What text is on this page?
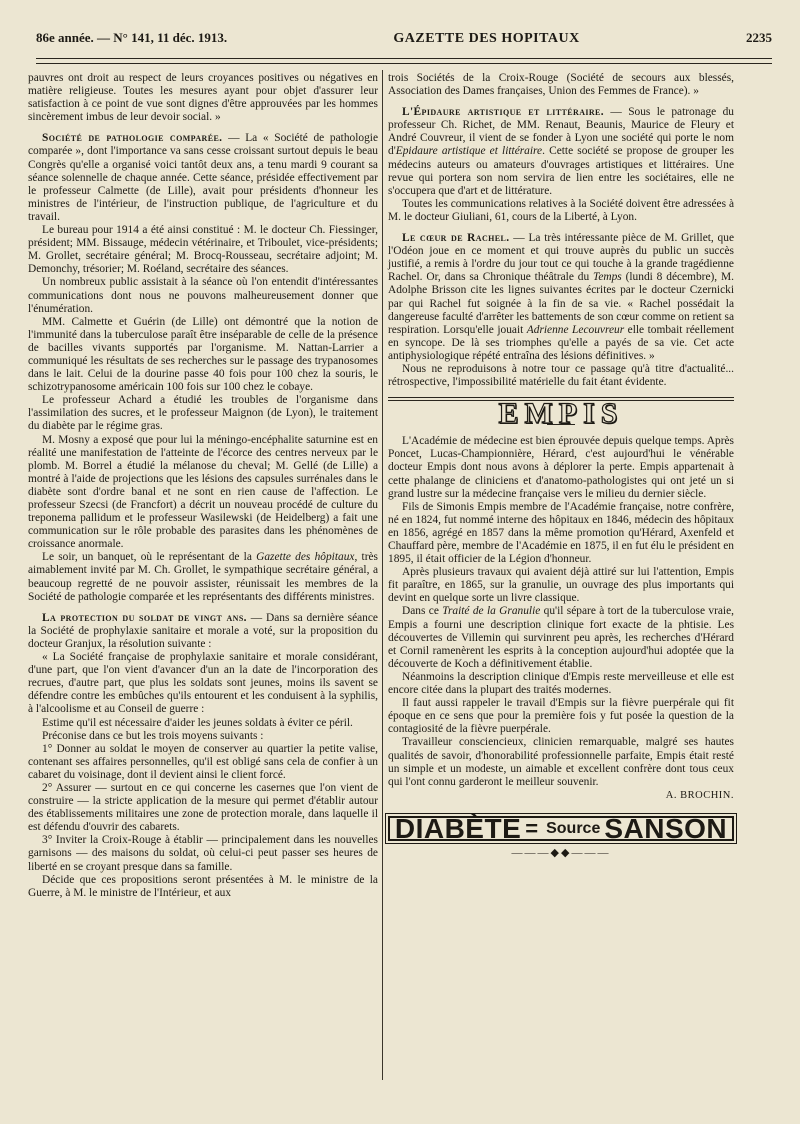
86e année. — N° 141, 11 déc. 1913.	GAZETTE DES HOPITAUX	2235

pauvres ont droit au respect de leurs croyances positives ou négatives en matière religieuse. Toutes les mesures ayant pour objet d'assurer leur satisfaction à ce point de vue sont dignes d'être approuvées par les hommes sincèrement imbus de leur devoir social. »

Société de pathologie comparée. — La « Société de pathologie comparée », dont l'importance va sans cesse croissant surtout depuis le beau Congrès qu'elle a organisé voici tantôt deux ans, a tenu mardi 9 courant sa séance solennelle de chaque année. Cette séance, présidée effectivement par le professeur Calmette (de Lille), avait pour présidents d'honneur les ministres de l'intérieur, de l'instruction publique, de l'agriculture et du travail.

Le bureau pour 1914 a été ainsi constitué : M. le docteur Ch. Fiessinger, président; MM. Bissauge, médecin vétérinaire, et Triboulet, vice-présidents; M. Grollet, secrétaire général; M. Brocq-Rousseau, secrétaire adjoint; M. Demonchy, trésorier; M. Roéland, secrétaire des séances.

Un nombreux public assistait à la séance où l'on entendit d'intéressantes communications dont nous ne pouvons malheureusement donner que l'énumération.

MM. Calmette et Guérin (de Lille) ont démontré que la notion de l'immunité dans la tuberculose paraît être inséparable de celle de la présence de bacilles vivants supportés par l'organisme. M. Nattan-Larrier a communiqué les résultats de ses recherches sur le passage des trypanosomes dans le lait. Celui de la dourine passe 40 fois pour 100 chez la souris, le schizotrypanosome américain 100 fois sur 100 chez le cobaye.

Le professeur Achard a étudié les troubles de l'organisme dans l'assimilation des sucres, et le professeur Maignon (de Lyon), le traitement du diabète par le régime gras.

M. Mosny a exposé que pour lui la méningo-encéphalite saturnine est en réalité une manifestation de l'atteinte de l'écorce des centres nerveux par le plomb. M. Borrel a étudié la mélanose du cheval; M. Gellé (de Lille) a montré à l'aide de projections que les lésions des capsules surrénales dans le diabète sont d'ordre banal et ne sont en rien cause de l'affection. Le professeur Szecsi (de Francfort) a décrit un nouveau procédé de culture du treponema pallidum et le professeur Wasilewski (de Heidelberg) a fait une communication sur le rôle probable des parasites dans les phénomènes de croissance anormale.

Le soir, un banquet, où le représentant de la Gazette des hôpitaux, très aimablement invité par M. Ch. Grollet, le sympathique secrétaire général, a beaucoup regretté de ne pouvoir assister, réunissait les membres de la Société de pathologie comparée et les représentants des différents ministres.

La protection du soldat de vingt ans. — Dans sa dernière séance la Société de prophylaxie sanitaire et morale a voté, sur la proposition du docteur Granjux, la résolution suivante :

« La Société française de prophylaxie sanitaire et morale considérant, d'une part, que l'on vient d'avancer d'un an la date de l'incorporation des recrues, d'autre part, que plus les soldats sont jeunes, moins ils savent se défendre contre les embûches qu'ils entourent et les conduisent à la syphilis, à l'alcoolisme et au Conseil de guerre :

Estime qu'il est nécessaire d'aider les jeunes soldats à éviter ce péril.

Préconise dans ce but les trois moyens suivants :

1° Donner au soldat le moyen de conserver au quartier la petite valise, contenant ses affaires personnelles, qu'il est obligé sans cela de confier à un cabaret du voisinage, dont il devient ainsi le client forcé.

2° Assurer — surtout en ce qui concerne les casernes que l'on vient de construire — la stricte application de la mesure qui permet d'établir autour des établissements militaires une zone de protection morale, dans laquelle il est défendu d'ouvrir des cabarets.

3° Inviter la Croix-Rouge à établir — principalement dans les nouvelles garnisons — des maisons du soldat, où celui-ci peut passer ses heures de liberté en se croyant presque dans sa famille.

Décide que ces propositions seront présentées à M. le ministre de la Guerre, à M. le ministre de l'Intérieur, et aux

trois Sociétés de la Croix-Rouge (Société de secours aux blessés, Association des Dames françaises, Union des Femmes de France). »

L'Épidaure artistique et littéraire. — Sous le patronage du professeur Ch. Richet, de MM. Renaut, Beaunis, Maurice de Fleury et André Couvreur, il vient de se fonder à Lyon une société qui porte le nom d'Epidaure artistique et littéraire. Cette société se propose de grouper les médecins auteurs ou amateurs d'ouvrages artistiques et littéraires. Une revue qui portera son nom servira de lien entre les sociétaires, elle ne s'occupera que d'art et de littérature.

Toutes les communications relatives à la Société doivent être adressées à M. le docteur Giuliani, 61, cours de la Liberté, à Lyon.

Le cœur de Rachel. — La très intéressante pièce de M. Grillet, que l'Odéon joue en ce moment et qui trouve auprès du public un succès justifié, a remis à l'ordre du jour tout ce qui touche à la grande tragédienne Rachel. Or, dans sa Chronique théâtrale du Temps (lundi 8 décembre), M. Adolphe Brisson cite les lignes suivantes écrites par le docteur Czernicki par qui Rachel fut soignée à la fin de sa vie. « Rachel possédait la dangereuse faculté d'arrêter les battements de son cœur comme on retient sa respiration. Lorsqu'elle jouait Adrienne Lecouvreur elle tombait réellement en syncope. De là ses triomphes qu'elle a payés de sa vie. Cet acte antiphysiologique répété entraîna des lésions définitives. »

Nous ne reproduisons à notre tour ce passage qu'à titre d'actualité... rétrospective, l'impossibilité matérielle du fait étant évidente.

EMPIS

L'Académie de médecine est bien éprouvée depuis quelque temps. Après Poncet, Lucas-Championnière, Hérard, c'est aujourd'hui le vénérable docteur Empis dont nous avons à déplorer la perte. Empis appartenait à cette phalange de cliniciens et d'anatomo-pathologistes qui ont jeté un si grand lustre sur la médecine française vers le milieu du dernier siècle.

Fils de Simonis Empis membre de l'Académie française, notre confrère, né en 1824, fut nommé interne des hôpitaux en 1846, médecin des hôpitaux en 1856, agrégé en 1857 dans la même promotion qu'Hérard, Axenfeld et Chauffard père, membre de l'Académie en 1875, il en fut élu le président en 1895, il était officier de la Légion d'honneur.

Après plusieurs travaux qui avaient déjà attiré sur lui l'attention, Empis fit paraître, en 1865, sur la granulie, un ouvrage des plus importants qui devint en quelque sorte un livre classique.

Dans ce Traité de la Granulie qu'il sépare à tort de la tuberculose vraie, Empis a fourni une description clinique fort exacte de la phtisie. Les découvertes de Villemin qui survinrent peu après, les recherches d'Hérard et Cornil ramenèrent les esprits à la conception aujourd'hui adoptée que la découverte de Koch a définitivement établie.

Néanmoins la description clinique d'Empis reste merveilleuse et elle est encore citée dans la plupart des traités modernes.

Il faut aussi rappeler le travail d'Empis sur la fièvre puerpérale qui fit époque en ce sens que pour la première fois y fut posée la question de la contagiosité de la fièvre puerpérale.

Travailleur consciencieux, clinicien remarquable, malgré ses hautes qualités de savoir, d'honorabilité professionnelle parfaite, Empis était resté un simple et un modeste, un aimable et excellent confrère dont tous ceux qui l'ont connu garderont le meilleur souvenir.

A. BROCHIN.
DIABÈTE = Source SANSON
———◆◆———
